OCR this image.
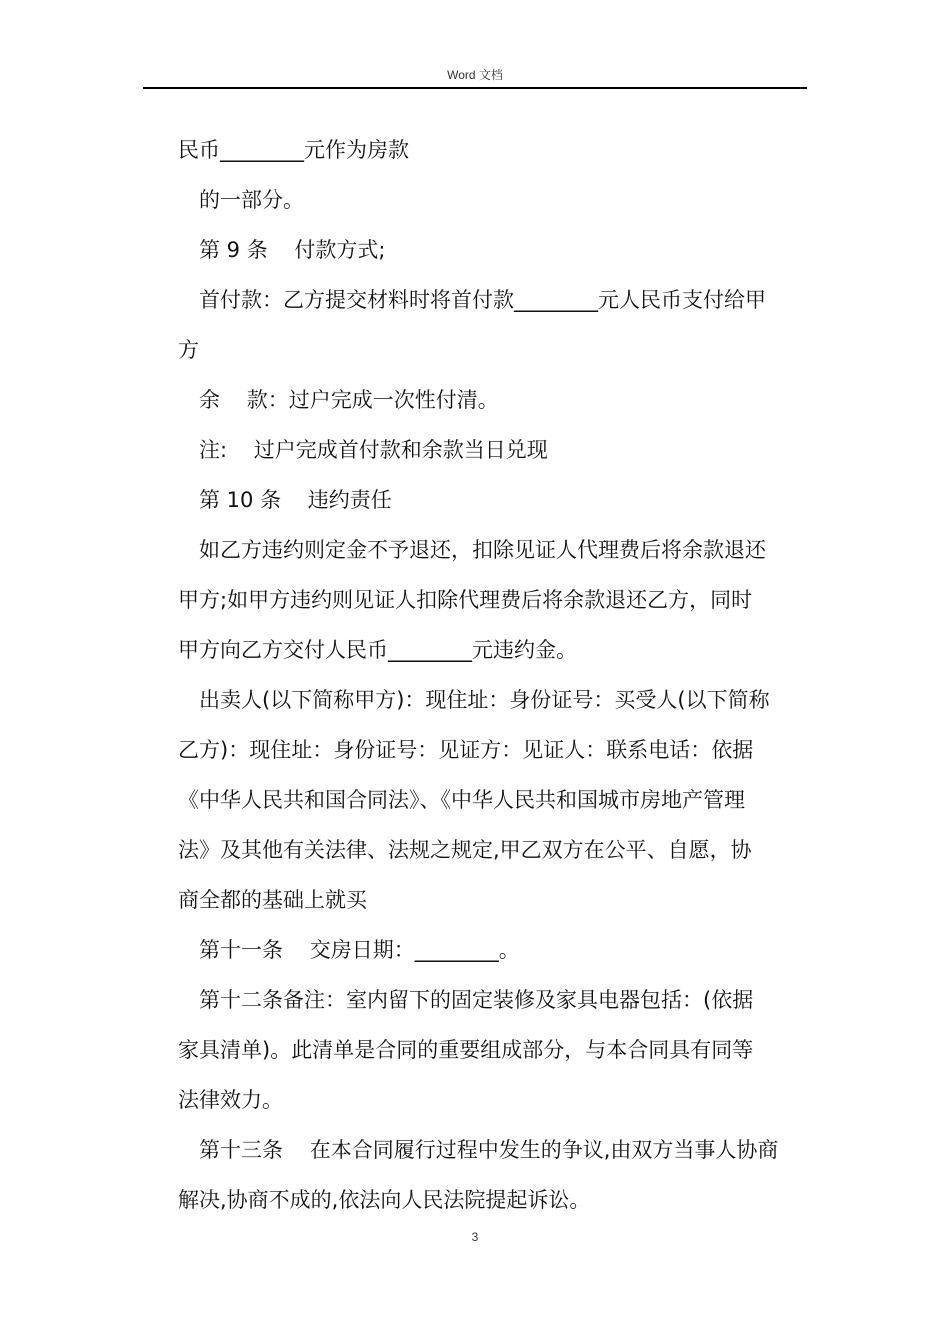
Word 文档
民币________元作为房款
的一部分。
第 9 条    付款方式;
首付款：乙方提交材料时将首付款________元人民币支付给甲
方
余    款：过户完成一次性付清。
注:    过户完成首付款和余款当日兑现
第 10 条    违约责任
如乙方违约则定金不予退还，扣除见证人代理费后将余款退还
甲方;如甲方违约则见证人扣除代理费后将余款退还乙方，同时
甲方向乙方交付人民币________元违约金。
出卖人(以下简称甲方)：现住址：身份证号：买受人(以下简称
乙方)：现住址：身份证号：见证方：见证人：联系电话：依据
《中华人民共和国合同法》、《中华人民共和国城市房地产管理
法》及其他有关法律、法规之规定,甲乙双方在公平、自愿，协
商全都的基础上就买
第十一条    交房日期：________。
第十二条备注：室内留下的固定装修及家具电器包括：(依据
家具清单)。此清单是合同的重要组成部分，与本合同具有同等
法律效力。
第十三条    在本合同履行过程中发生的争议,由双方当事人协商
解决,协商不成的,依法向人民法院提起诉讼。
3
